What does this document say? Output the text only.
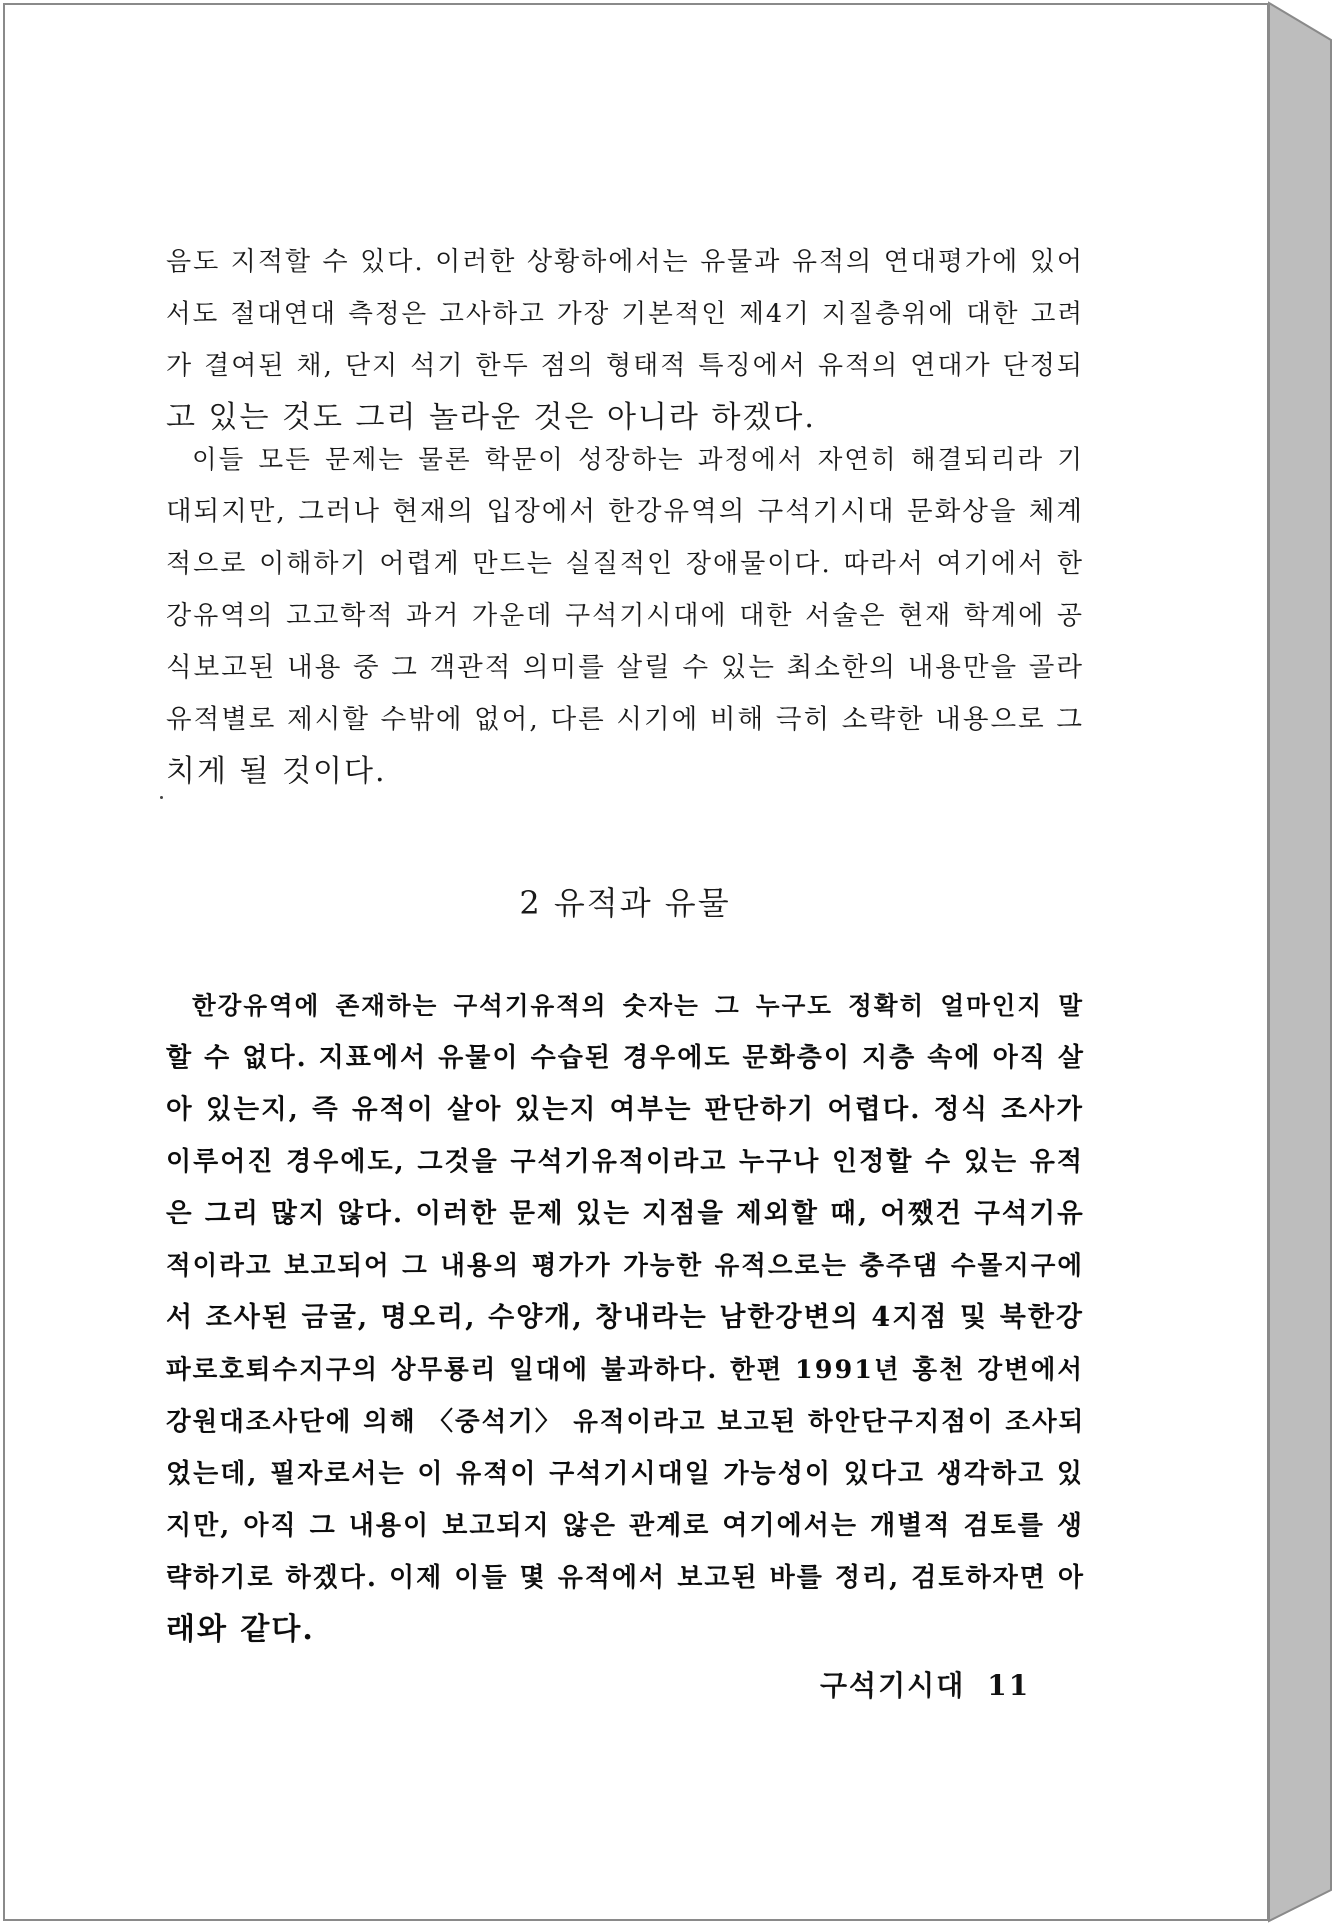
음도 지적할 수 있다. 이러한 상황하에서는 유물과 유적의 연대평가에 있어
서도 절대연대 측정은 고사하고 가장 기본적인 제4기 지질층위에 대한 고려
가 결여된 채, 단지 석기 한두 점의 형태적 특징에서 유적의 연대가 단정되
고 있는 것도 그리 놀라운 것은 아니라 하겠다.
이들 모든 문제는 물론 학문이 성장하는 과정에서 자연히 해결되리라 기
대되지만, 그러나 현재의 입장에서 한강유역의 구석기시대 문화상을 체계
적으로 이해하기 어렵게 만드는 실질적인 장애물이다. 따라서 여기에서 한
강유역의 고고학적 과거 가운데 구석기시대에 대한 서술은 현재 학계에 공
식보고된 내용 중 그 객관적 의미를 살릴 수 있는 최소한의 내용만을 골라
유적별로 제시할 수밖에 없어, 다른 시기에 비해 극히 소략한 내용으로 그
치게 될 것이다.
2 유적과 유물
한강유역에 존재하는 구석기유적의 숫자는 그 누구도 정확히 얼마인지 말
할 수 없다. 지표에서 유물이 수습된 경우에도 문화층이 지층 속에 아직 살
아 있는지, 즉 유적이 살아 있는지 여부는 판단하기 어렵다. 정식 조사가
이루어진 경우에도, 그것을 구석기유적이라고 누구나 인정할 수 있는 유적
은 그리 많지 않다. 이러한 문제 있는 지점을 제외할 때, 어쨌건 구석기유
적이라고 보고되어 그 내용의 평가가 가능한 유적으로는 충주댐 수몰지구에
서 조사된 금굴, 명오리, 수양개, 창내라는 남한강변의 4지점 및 북한강
파로호퇴수지구의 상무룡리 일대에 불과하다. 한편 1991년 홍천 강변에서
강원대조사단에 의해 〈중석기〉 유적이라고 보고된 하안단구지점이 조사되
었는데, 필자로서는 이 유적이 구석기시대일 가능성이 있다고 생각하고 있
지만, 아직 그 내용이 보고되지 않은 관계로 여기에서는 개별적 검토를 생
략하기로 하겠다. 이제 이들 몇 유적에서 보고된 바를 정리, 검토하자면 아
래와 같다.
구석기시대 11
